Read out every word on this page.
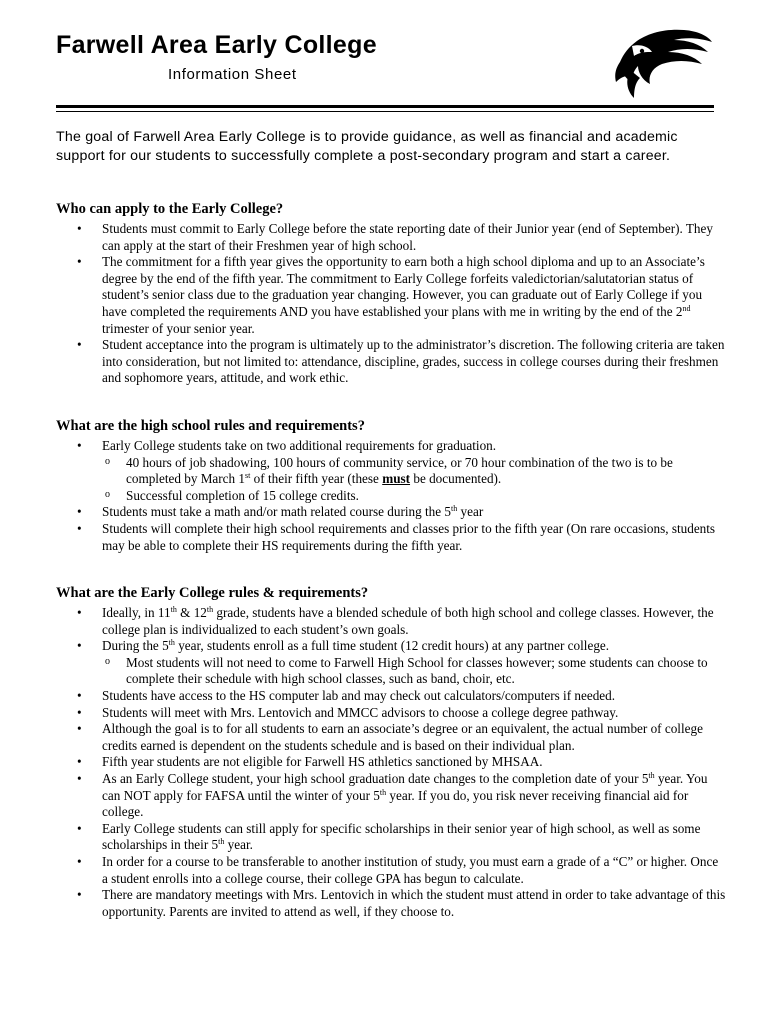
Farwell Area Early College
Information Sheet

The goal of Farwell Area Early College is to provide guidance, as well as financial and academic support for our students to successfully complete a post-secondary program and start a career.

Who can apply to the Early College?
• Students must commit to Early College before the state reporting date of their Junior year (end of September). They can apply at the start of their Freshmen year of high school.
• The commitment for a fifth year gives the opportunity to earn both a high school diploma and up to an Associate’s degree by the end of the fifth year. The commitment to Early College forfeits valedictorian/salutatorian status of student’s senior class due to the graduation year changing. However, you can graduate out of Early College if you have completed the requirements AND you have established your plans with me in writing by the end of the 2nd trimester of your senior year.
• Student acceptance into the program is ultimately up to the administrator’s discretion. The following criteria are taken into consideration, but not limited to: attendance, discipline, grades, success in college courses during their freshmen and sophomore years, attitude, and work ethic.
What are the high school rules and requirements?
• Early College students take on two additional requirements for graduation.
o 40 hours of job shadowing, 100 hours of community service, or 70 hour combination of the two is to be completed by March 1st of their fifth year (these must be documented).
o Successful completion of 15 college credits.
• Students must take a math and/or math related course during the 5th year
• Students will complete their high school requirements and classes prior to the fifth year (On rare occasions, students may be able to complete their HS requirements during the fifth year.
What are the Early College rules & requirements?
• Ideally, in 11th & 12th grade, students have a blended schedule of both high school and college classes. However, the college plan is individualized to each student’s own goals.
• During the 5th year, students enroll as a full time student (12 credit hours) at any partner college.
o Most students will not need to come to Farwell High School for classes however; some students can choose to complete their schedule with high school classes, such as band, choir, etc.
• Students have access to the HS computer lab and may check out calculators/computers if needed.
• Students will meet with Mrs. Lentovich and MMCC advisors to choose a college degree pathway.
• Although the goal is to for all students to earn an associate’s degree or an equivalent, the actual number of college credits earned is dependent on the students schedule and is based on their individual plan.
• Fifth year students are not eligible for Farwell HS athletics sanctioned by MHSAA.
• As an Early College student, your high school graduation date changes to the completion date of your 5th year. You can NOT apply for FAFSA until the winter of your 5th year. If you do, you risk never receiving financial aid for college.
• Early College students can still apply for specific scholarships in their senior year of high school, as well as some scholarships in their 5th year.
• In order for a course to be transferable to another institution of study, you must earn a grade of a “C” or higher. Once a student enrolls into a college course, their college GPA has begun to calculate.
• There are mandatory meetings with Mrs. Lentovich in which the student must attend in order to take advantage of this opportunity. Parents are invited to attend as well, if they choose to.
